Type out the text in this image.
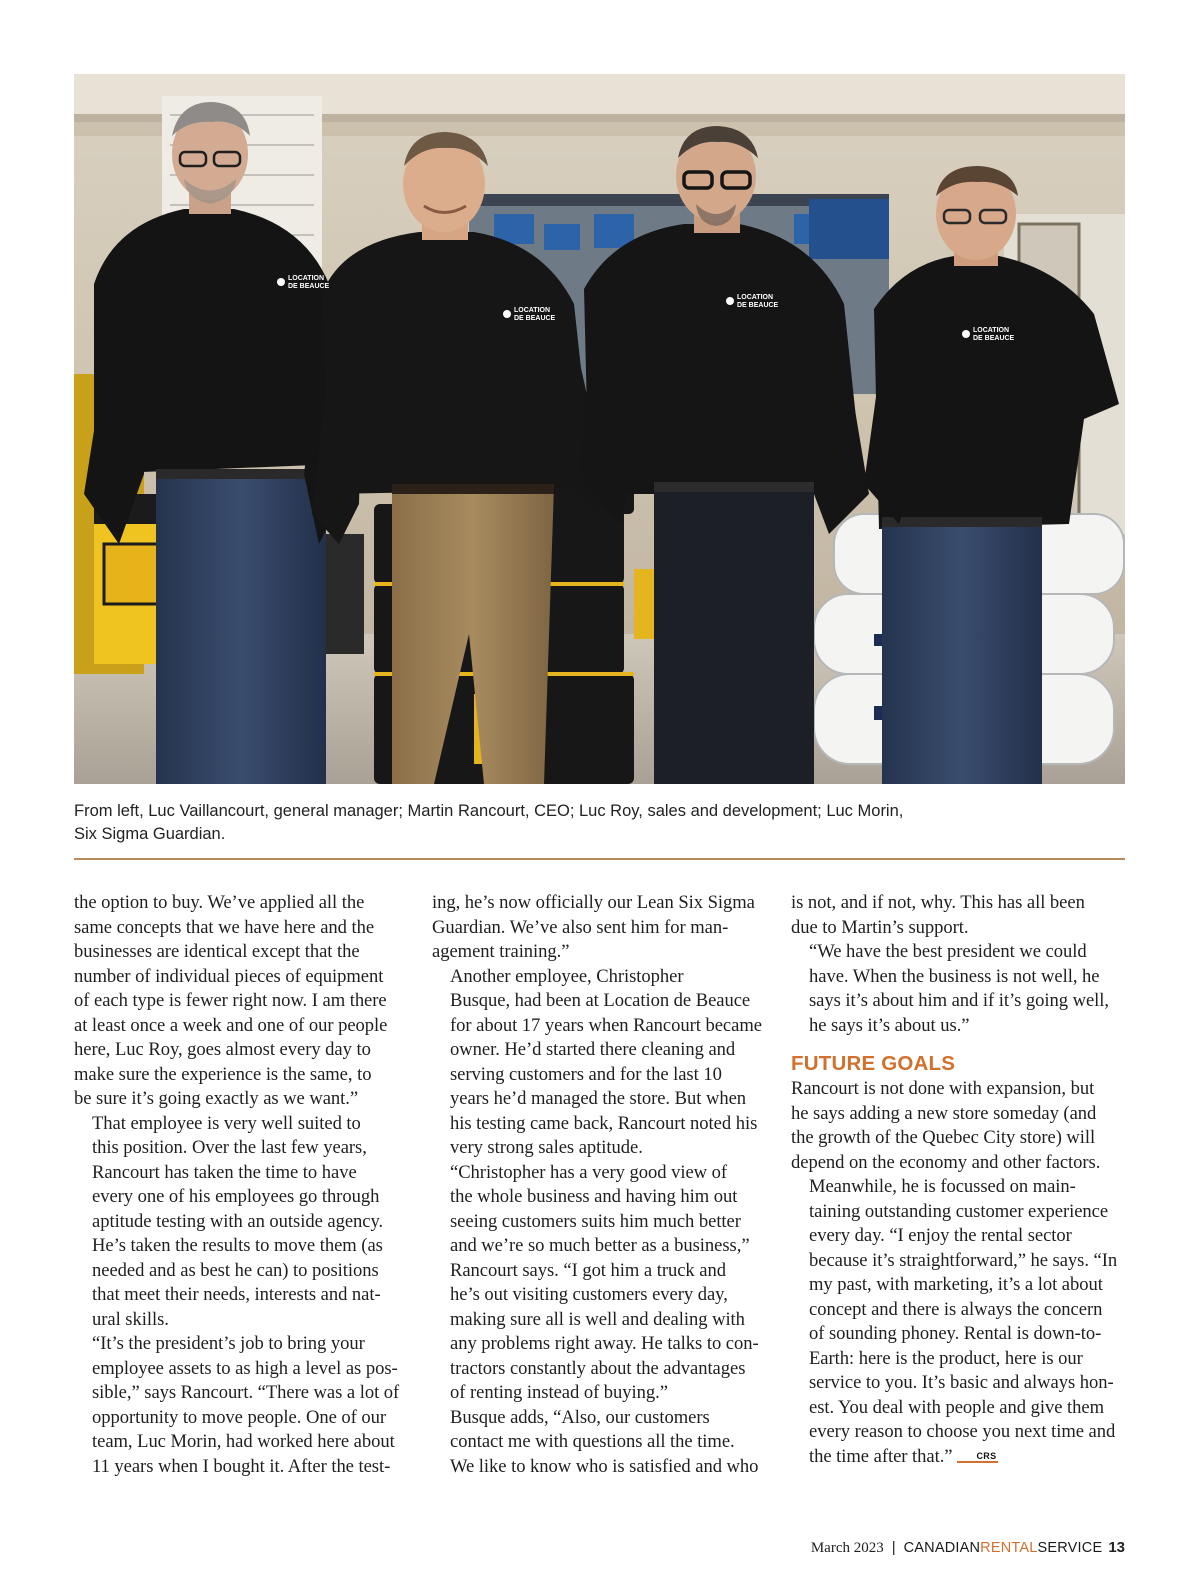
LOCATION
DE BEAUCE
LOCATION
DE BEAUCE
LOCATION
DE BEAUCE
LOCATION
DE BEAUCE
From left, Luc Vaillancourt, general manager; Martin Rancourt, CEO; Luc Roy, sales and development; Luc Morin,
Six Sigma Guardian.

the option to buy. We’ve applied all the
same concepts that we have here and the
businesses are identical except that the
number of individual pieces of equipment
of each type is fewer right now. I am there
at least once a week and one of our people
here, Luc Roy, goes almost every day to
make sure the experience is the same, to
be sure it’s going exactly as we want.”

That employee is very well suited to
this position. Over the last few years,
Rancourt has taken the time to have
every one of his employees go through
aptitude testing with an outside agency.
He’s taken the results to move them (as
needed and as best he can) to positions
that meet their needs, interests and nat-
ural skills.

“It’s the president’s job to bring your
employee assets to as high a level as pos-
sible,” says Rancourt. “There was a lot of
opportunity to move people. One of our
team, Luc Morin, had worked here about
11 years when I bought it. After the test-

ing, he’s now officially our Lean Six Sigma
Guardian. We’ve also sent him for man-
agement training.”

Another employee, Christopher
Busque, had been at Location de Beauce
for about 17 years when Rancourt became
owner. He’d started there cleaning and
serving customers and for the last 10
years he’d managed the store. But when
his testing came back, Rancourt noted his
very strong sales aptitude.

“Christopher has a very good view of
the whole business and having him out
seeing customers suits him much better
and we’re so much better as a business,”
Rancourt says. “I got him a truck and
he’s out visiting customers every day,
making sure all is well and dealing with
any problems right away. He talks to con-
tractors constantly about the advantages
of renting instead of buying.”

Busque adds, “Also, our customers
contact me with questions all the time.
We like to know who is satisfied and who

is not, and if not, why. This has all been
due to Martin’s support.

“We have the best president we could
have. When the business is not well, he
says it’s about him and if it’s going well,
he says it’s about us.”

FUTURE GOALS

Rancourt is not done with expansion, but
he says adding a new store someday (and
the growth of the Quebec City store) will
depend on the economy and other factors.

Meanwhile, he is focussed on main-
taining outstanding customer experience
every day. “I enjoy the rental sector
because it’s straightforward,” he says. “In
my past, with marketing, it’s a lot about
concept and there is always the concern
of sounding phoney. Rental is down-to-
Earth: here is the product, here is our
service to you. It’s basic and always hon-
est. You deal with people and give them
every reason to choose you next time and
the time after that.”	CRS

March 2023 | CANADIANRENTALSERVICE 13
